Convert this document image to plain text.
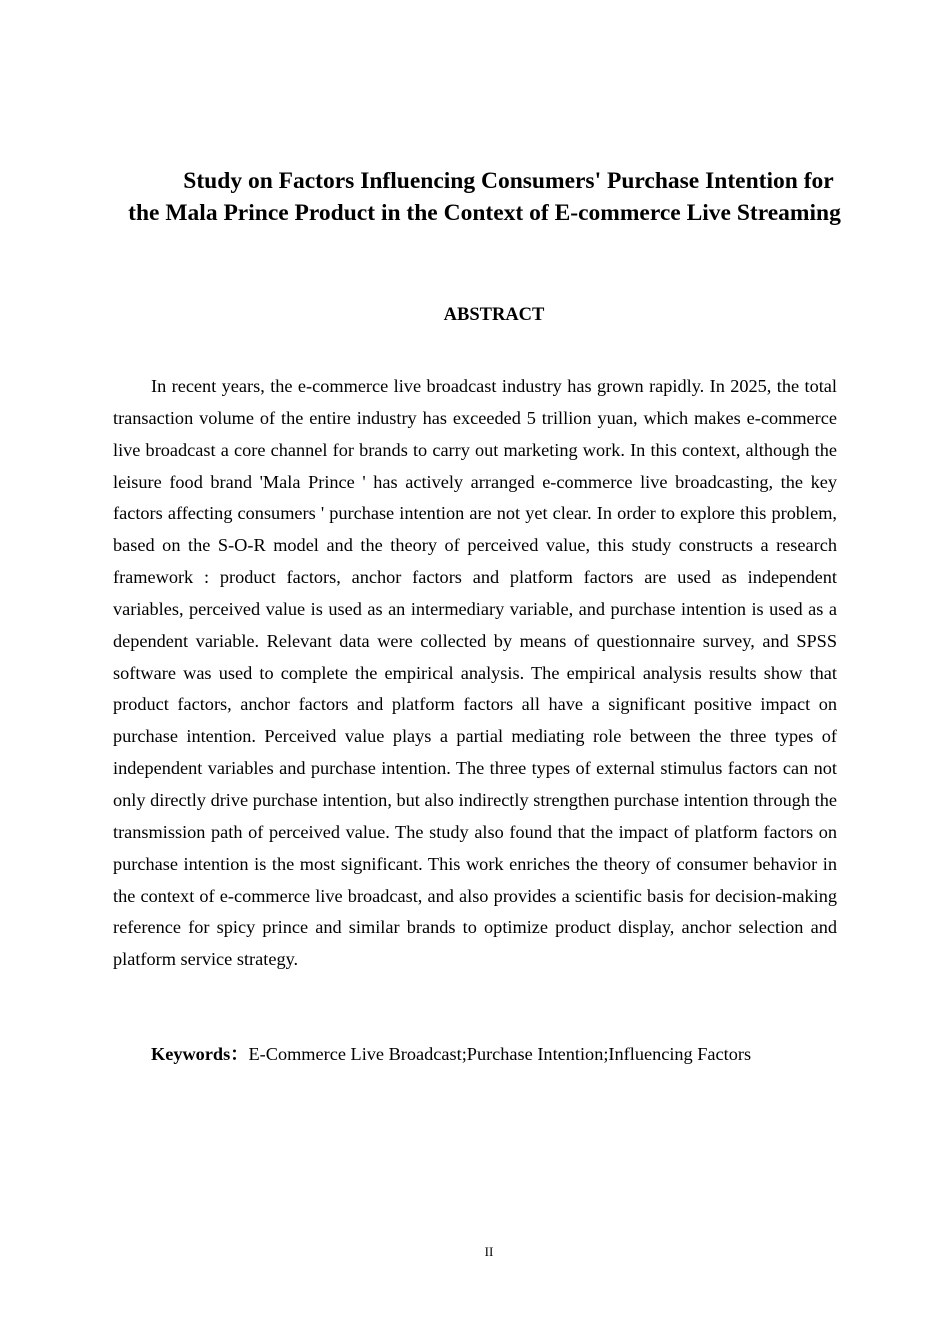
Study on Factors Influencing Consumers' Purchase Intention for the Mala Prince Product in the Context of E-commerce Live Streaming
ABSTRACT

In recent years, the e-commerce live broadcast industry has grown rapidly. In 2025, the total transaction volume of the entire industry has exceeded 5 trillion yuan, which makes e-commerce live broadcast a core channel for brands to carry out marketing work. In this context, although the leisure food brand 'Mala Prince ' has actively arranged e-commerce live broadcasting, the key factors affecting consumers ' purchase intention are not yet clear. In order to explore this problem, based on the S-O-R model and the theory of perceived value, this study constructs a research framework : product factors, anchor factors and platform factors are used as independent variables, perceived value is used as an intermediary variable, and purchase intention is used as a dependent variable. Relevant data were collected by means of questionnaire survey, and SPSS software was used to complete the empirical analysis. The empirical analysis results show that product factors, anchor factors and platform factors all have a significant positive impact on purchase intention. Perceived value plays a partial mediating role between the three types of independent variables and purchase intention. The three types of external stimulus factors can not only directly drive purchase intention, but also indirectly strengthen purchase intention through the transmission path of perceived value. The study also found that the impact of platform factors on purchase intention is the most significant. This work enriches the theory of consumer behavior in the context of e-commerce live broadcast, and also provides a scientific basis for decision-making reference for spicy prince and similar brands to optimize product display, anchor selection and platform service strategy.

Keywords：E-Commerce Live Broadcast;Purchase Intention;Influencing Factors

II
